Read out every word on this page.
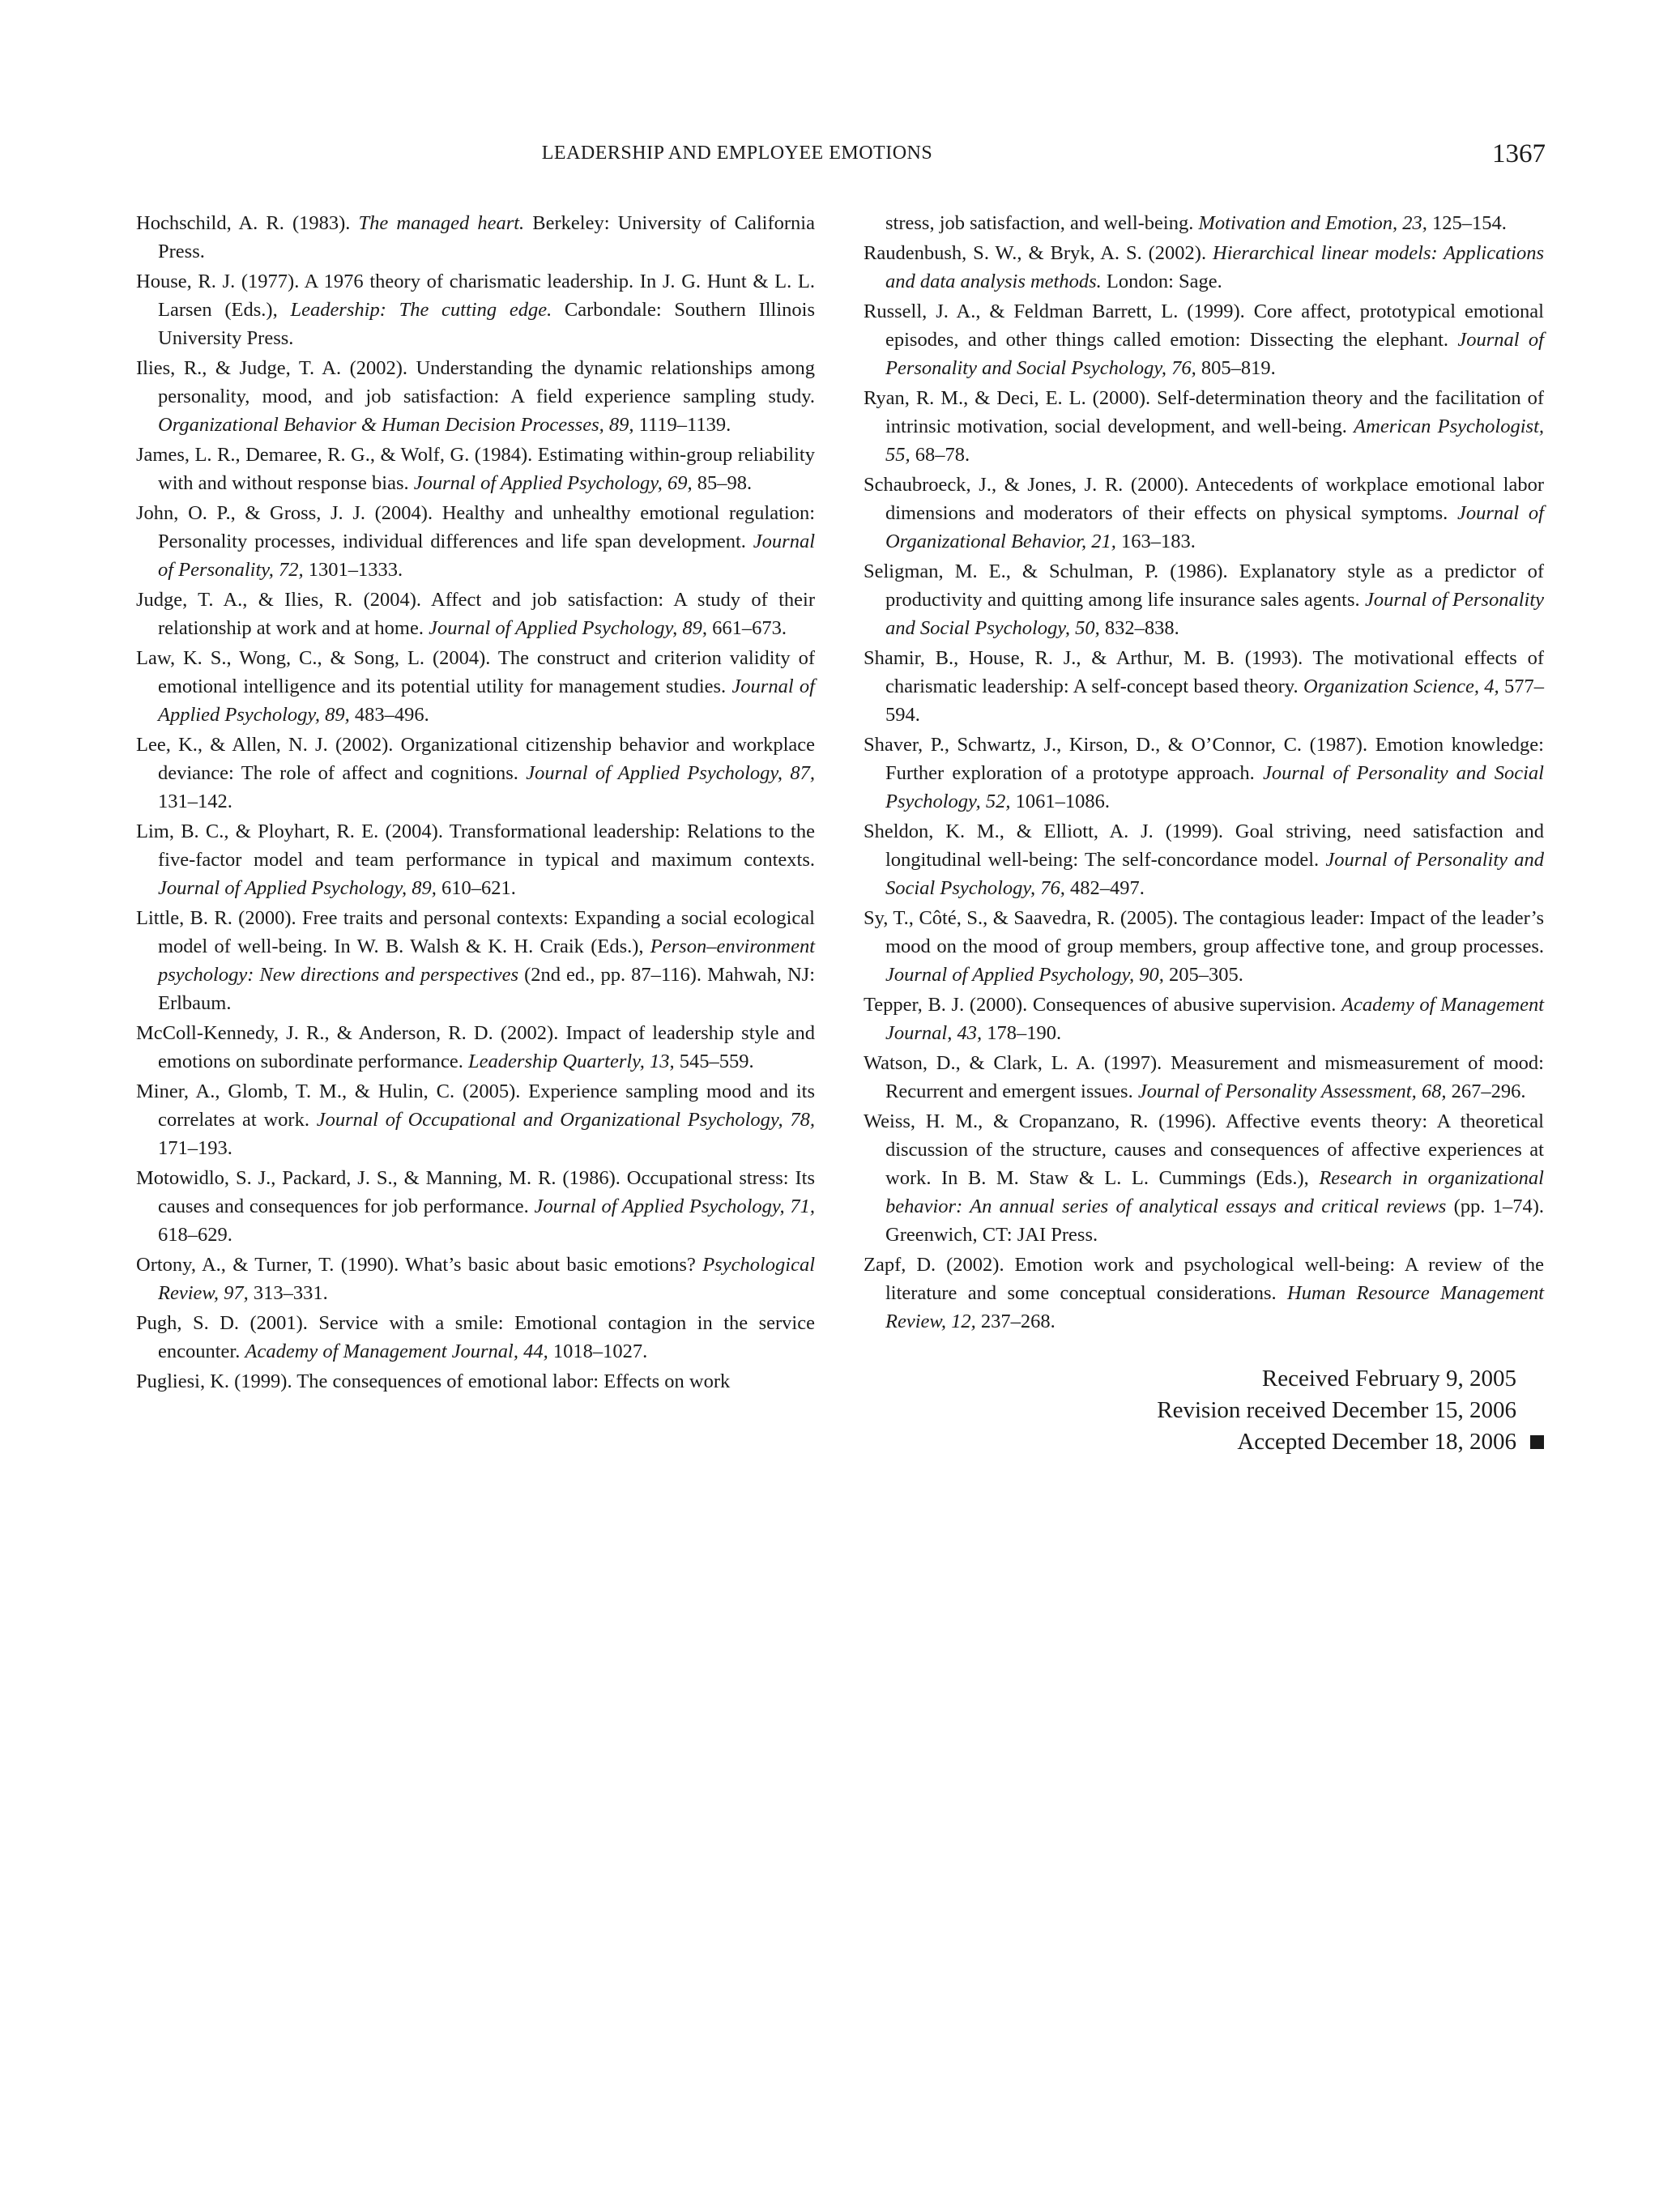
LEADERSHIP AND EMPLOYEE EMOTIONS	1367
Hochschild, A. R. (1983). The managed heart. Berkeley: University of California Press.
House, R. J. (1977). A 1976 theory of charismatic leadership. In J. G. Hunt & L. L. Larsen (Eds.), Leadership: The cutting edge. Carbondale: Southern Illinois University Press.
Ilies, R., & Judge, T. A. (2002). Understanding the dynamic relationships among personality, mood, and job satisfaction: A field experience sampling study. Organizational Behavior & Human Decision Processes, 89, 1119–1139.
James, L. R., Demaree, R. G., & Wolf, G. (1984). Estimating within-group reliability with and without response bias. Journal of Applied Psychology, 69, 85–98.
John, O. P., & Gross, J. J. (2004). Healthy and unhealthy emotional regulation: Personality processes, individual differences and life span development. Journal of Personality, 72, 1301–1333.
Judge, T. A., & Ilies, R. (2004). Affect and job satisfaction: A study of their relationship at work and at home. Journal of Applied Psychology, 89, 661–673.
Law, K. S., Wong, C., & Song, L. (2004). The construct and criterion validity of emotional intelligence and its potential utility for management studies. Journal of Applied Psychology, 89, 483–496.
Lee, K., & Allen, N. J. (2002). Organizational citizenship behavior and workplace deviance: The role of affect and cognitions. Journal of Applied Psychology, 87, 131–142.
Lim, B. C., & Ployhart, R. E. (2004). Transformational leadership: Relations to the five-factor model and team performance in typical and maximum contexts. Journal of Applied Psychology, 89, 610–621.
Little, B. R. (2000). Free traits and personal contexts: Expanding a social ecological model of well-being. In W. B. Walsh & K. H. Craik (Eds.), Person–environment psychology: New directions and perspectives (2nd ed., pp. 87–116). Mahwah, NJ: Erlbaum.
McColl-Kennedy, J. R., & Anderson, R. D. (2002). Impact of leadership style and emotions on subordinate performance. Leadership Quarterly, 13, 545–559.
Miner, A., Glomb, T. M., & Hulin, C. (2005). Experience sampling mood and its correlates at work. Journal of Occupational and Organizational Psychology, 78, 171–193.
Motowidlo, S. J., Packard, J. S., & Manning, M. R. (1986). Occupational stress: Its causes and consequences for job performance. Journal of Applied Psychology, 71, 618–629.
Ortony, A., & Turner, T. (1990). What’s basic about basic emotions? Psychological Review, 97, 313–331.
Pugh, S. D. (2001). Service with a smile: Emotional contagion in the service encounter. Academy of Management Journal, 44, 1018–1027.
Pugliesi, K. (1999). The consequences of emotional labor: Effects on work
stress, job satisfaction, and well-being. Motivation and Emotion, 23, 125–154.
Raudenbush, S. W., & Bryk, A. S. (2002). Hierarchical linear models: Applications and data analysis methods. London: Sage.
Russell, J. A., & Feldman Barrett, L. (1999). Core affect, prototypical emotional episodes, and other things called emotion: Dissecting the elephant. Journal of Personality and Social Psychology, 76, 805–819.
Ryan, R. M., & Deci, E. L. (2000). Self-determination theory and the facilitation of intrinsic motivation, social development, and well-being. American Psychologist, 55, 68–78.
Schaubroeck, J., & Jones, J. R. (2000). Antecedents of workplace emotional labor dimensions and moderators of their effects on physical symptoms. Journal of Organizational Behavior, 21, 163–183.
Seligman, M. E., & Schulman, P. (1986). Explanatory style as a predictor of productivity and quitting among life insurance sales agents. Journal of Personality and Social Psychology, 50, 832–838.
Shamir, B., House, R. J., & Arthur, M. B. (1993). The motivational effects of charismatic leadership: A self-concept based theory. Organization Science, 4, 577–594.
Shaver, P., Schwartz, J., Kirson, D., & O’Connor, C. (1987). Emotion knowledge: Further exploration of a prototype approach. Journal of Personality and Social Psychology, 52, 1061–1086.
Sheldon, K. M., & Elliott, A. J. (1999). Goal striving, need satisfaction and longitudinal well-being: The self-concordance model. Journal of Personality and Social Psychology, 76, 482–497.
Sy, T., Côté, S., & Saavedra, R. (2005). The contagious leader: Impact of the leader’s mood on the mood of group members, group affective tone, and group processes. Journal of Applied Psychology, 90, 205–305.
Tepper, B. J. (2000). Consequences of abusive supervision. Academy of Management Journal, 43, 178–190.
Watson, D., & Clark, L. A. (1997). Measurement and mismeasurement of mood: Recurrent and emergent issues. Journal of Personality Assessment, 68, 267–296.
Weiss, H. M., & Cropanzano, R. (1996). Affective events theory: A theoretical discussion of the structure, causes and consequences of affective experiences at work. In B. M. Staw & L. L. Cummings (Eds.), Research in organizational behavior: An annual series of analytical essays and critical reviews (pp. 1–74). Greenwich, CT: JAI Press.
Zapf, D. (2002). Emotion work and psychological well-being: A review of the literature and some conceptual considerations. Human Resource Management Review, 12, 237–268.
Received February 9, 2005
Revision received December 15, 2006
Accepted December 18, 2006
